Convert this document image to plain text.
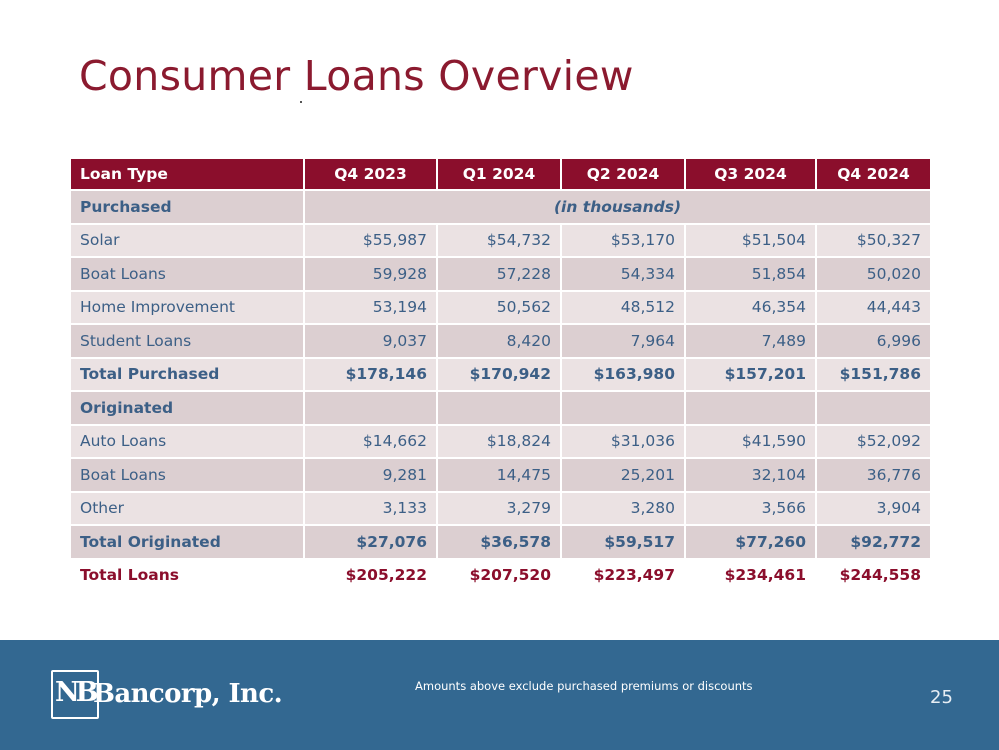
Consumer Loans Overview
Loan Type	Q4 2023	Q1 2024	Q2 2024	Q3 2024	Q4 2024
Purchased	(in thousands)				
Solar	$55,987	$54,732	$53,170	$51,504	$50,327
Boat Loans	59,928	57,228	54,334	51,854	50,020
Home Improvement	53,194	50,562	48,512	46,354	44,443
Student Loans	9,037	8,420	7,964	7,489	6,996
Total Purchased	$178,146	$170,942	$163,980	$157,201	$151,786
Originated					
Auto Loans	$14,662	$18,824	$31,036	$41,590	$52,092
Boat Loans	9,281	14,475	25,201	32,104	36,776
Other	3,133	3,279	3,280	3,566	3,904
Total Originated	$27,076	$36,578	$59,517	$77,260	$92,772
Total Loans	$205,222	$207,520	$223,497	$234,461	$244,558
NB
Bancorp, Inc.	Amounts above exclude purchased premiums or discounts
25
